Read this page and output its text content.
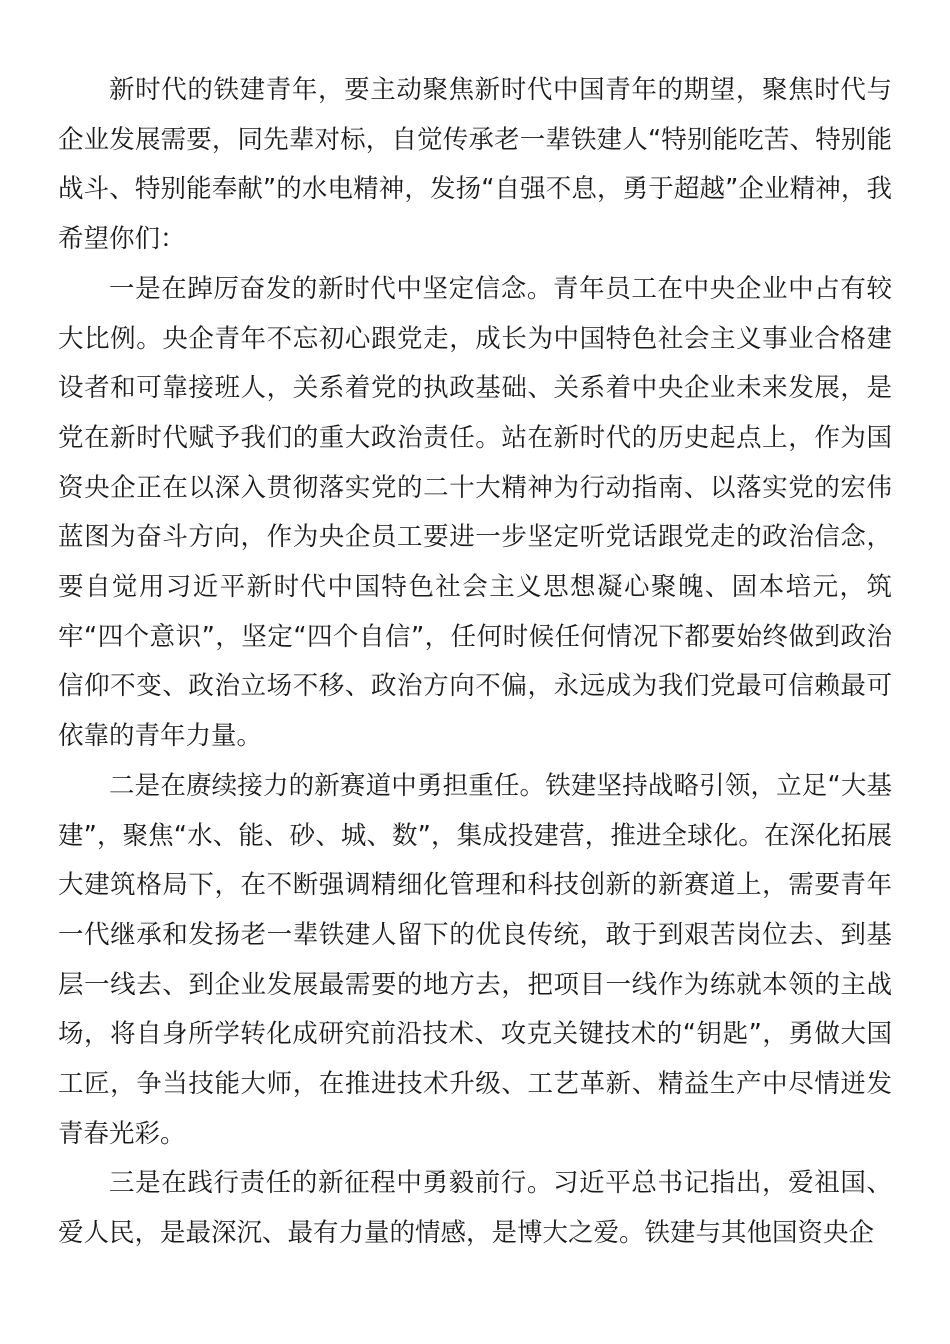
新时代的铁建青年，要主动聚焦新时代中国青年的期望，聚焦时代与企业发展需要，同先辈对标，自觉传承老一辈铁建人“特别能吃苦、特别能战斗、特别能奉献”的水电精神，发扬“自强不息，勇于超越”企业精神，我希望你们：

一是在踔厉奋发的新时代中坚定信念。青年员工在中央企业中占有较大比例。央企青年不忘初心跟党走，成长为中国特色社会主义事业合格建设者和可靠接班人，关系着党的执政基础、关系着中央企业未来发展，是党在新时代赋予我们的重大政治责任。站在新时代的历史起点上，作为国资央企正在以深入贯彻落实党的二十大精神为行动指南、以落实党的宏伟蓝图为奋斗方向，作为央企员工要进一步坚定听党话跟党走的政治信念，要自觉用习近平新时代中国特色社会主义思想凝心聚魄、固本培元，筑牢“四个意识”，坚定“四个自信”，任何时候任何情况下都要始终做到政治信仰不变、政治立场不移、政治方向不偏，永远成为我们党最可信赖最可依靠的青年力量。

二是在赓续接力的新赛道中勇担重任。铁建坚持战略引领，立足“大基建”，聚焦“水、能、砂、城、数”，集成投建营，推进全球化。在深化拓展大建筑格局下，在不断强调精细化管理和科技创新的新赛道上，需要青年一代继承和发扬老一辈铁建人留下的优良传统，敢于到艰苦岗位去、到基层一线去、到企业发展最需要的地方去，把项目一线作为练就本领的主战场，将自身所学转化成研究前沿技术、攻克关键技术的“钥匙”，勇做大国工匠，争当技能大师，在推进技术升级、工艺革新、精益生产中尽情迸发青春光彩。

三是在践行责任的新征程中勇毅前行。习近平总书记指出，爱祖国、爱人民，是最深沉、最有力量的情感，是博大之爱。铁建与其他国资央企
